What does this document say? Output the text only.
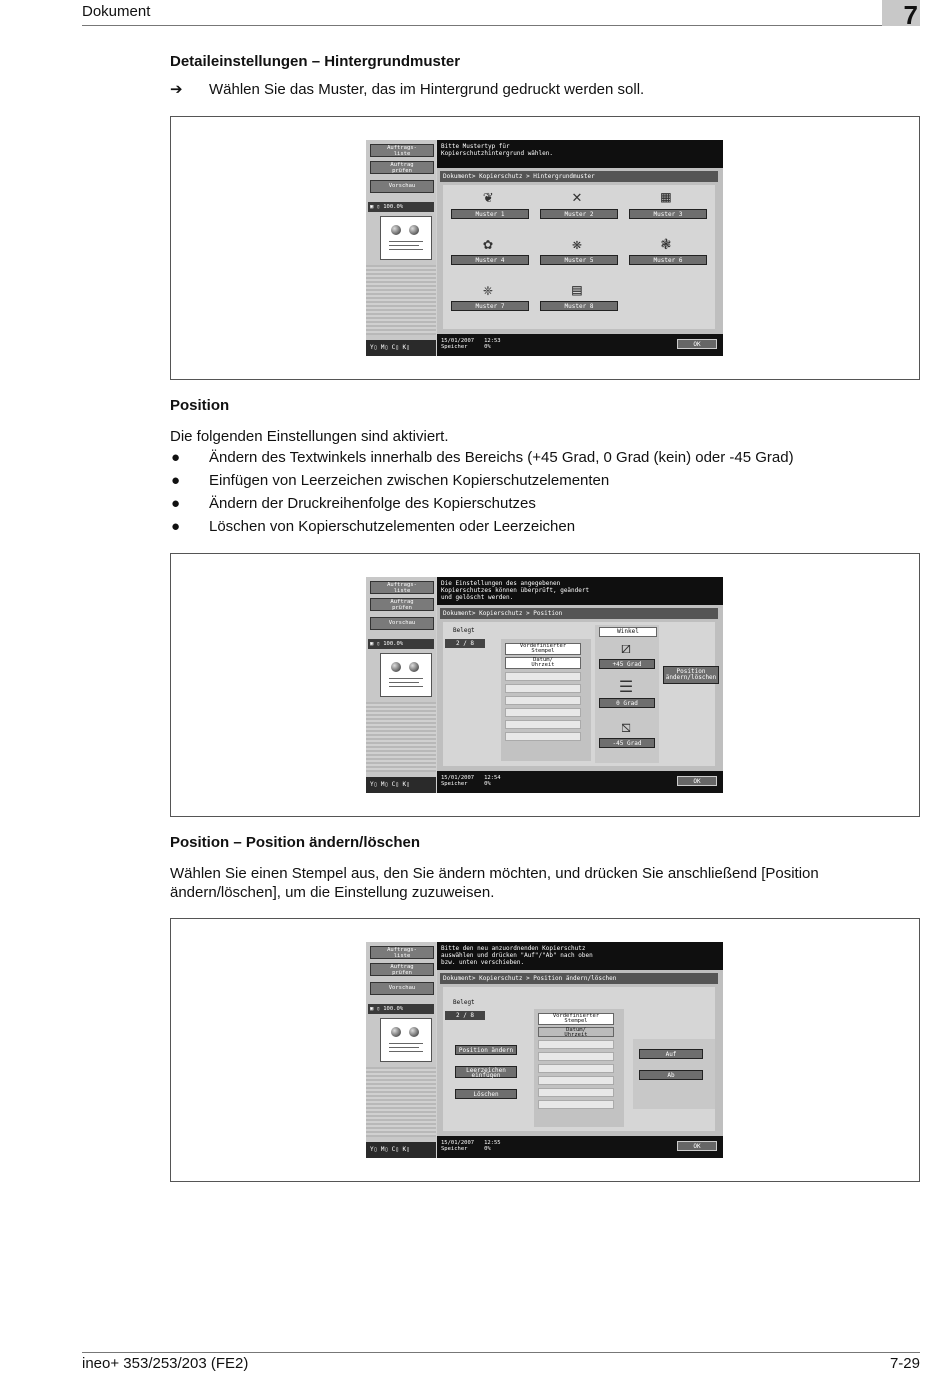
Dokument	7
Detaileinstellungen – Hintergrundmuster
➔ Wählen Sie das Muster, das im Hintergrund gedruckt werden soll.
Auftrags-
liste
Auftrag
prüfen
Vorschau
▣ ▯ 100.0%
Y▯ M▯ C▯ K▯
Bitte Mustertyp für
Kopierschutzhintergrund wählen.
Dokument> Kopierschutz > Hintergrundmuster
❦	✕	▦
Muster 1	Muster 2	Muster 3
✿	❋	❃
Muster 4	Muster 5	Muster 6
❈	▤
Muster 7	Muster 8
15/01/2007 12:53
Speicher	0%	OK
Position
Die folgenden Einstellungen sind aktiviert.
● Ändern des Textwinkels innerhalb des Bereichs (+45 Grad, 0 Grad (kein) oder -45 Grad)
● Einfügen von Leerzeichen zwischen Kopierschutzelementen
● Ändern der Druckreihenfolge des Kopierschutzes
● Löschen von Kopierschutzelementen oder Leerzeichen
Auftrags-
liste
Auftrag
prüfen
Vorschau
▣ ▯ 100.0%
Y▯ M▯ C▯ K▯
Die Einstellungen des angegebenen
Kopierschutzes können überprüft, geändert
und gelöscht werden.
Dokument> Kopierschutz > Position
Belegt
2 / 8	Vordefinierter
Stempel
Datum/
Uhrzeit
Winkel
⧄
+45 Grad
☰
0 Grad
⧅
-45 Grad
Position
ändern/löschen
15/01/2007 12:54
Speicher	0%	OK
Position – Position ändern/löschen
Wählen Sie einen Stempel aus, den Sie ändern möchten, und drücken Sie anschließend [Position
ändern/löschen], um die Einstellung zuzuweisen.
Auftrags-
liste
Auftrag
prüfen
Vorschau
▣ ▯ 100.0%
Y▯ M▯ C▯ K▯
Bitte den neu anzuordnenden Kopierschutz
auswählen und drücken "Auf"/"Ab" nach oben
bzw. unten verschieben.
Dokument> Kopierschutz > Position ändern/löschen
Belegt
2 / 8
Position ändern
Leerzeichen
einfügen
Löschen
Vordefinierter
Stempel
Datum/
Uhrzeit
Auf
Ab
15/01/2007 12:55
Speicher	0%	OK
ineo+ 353/253/203 (FE2)	7-29
